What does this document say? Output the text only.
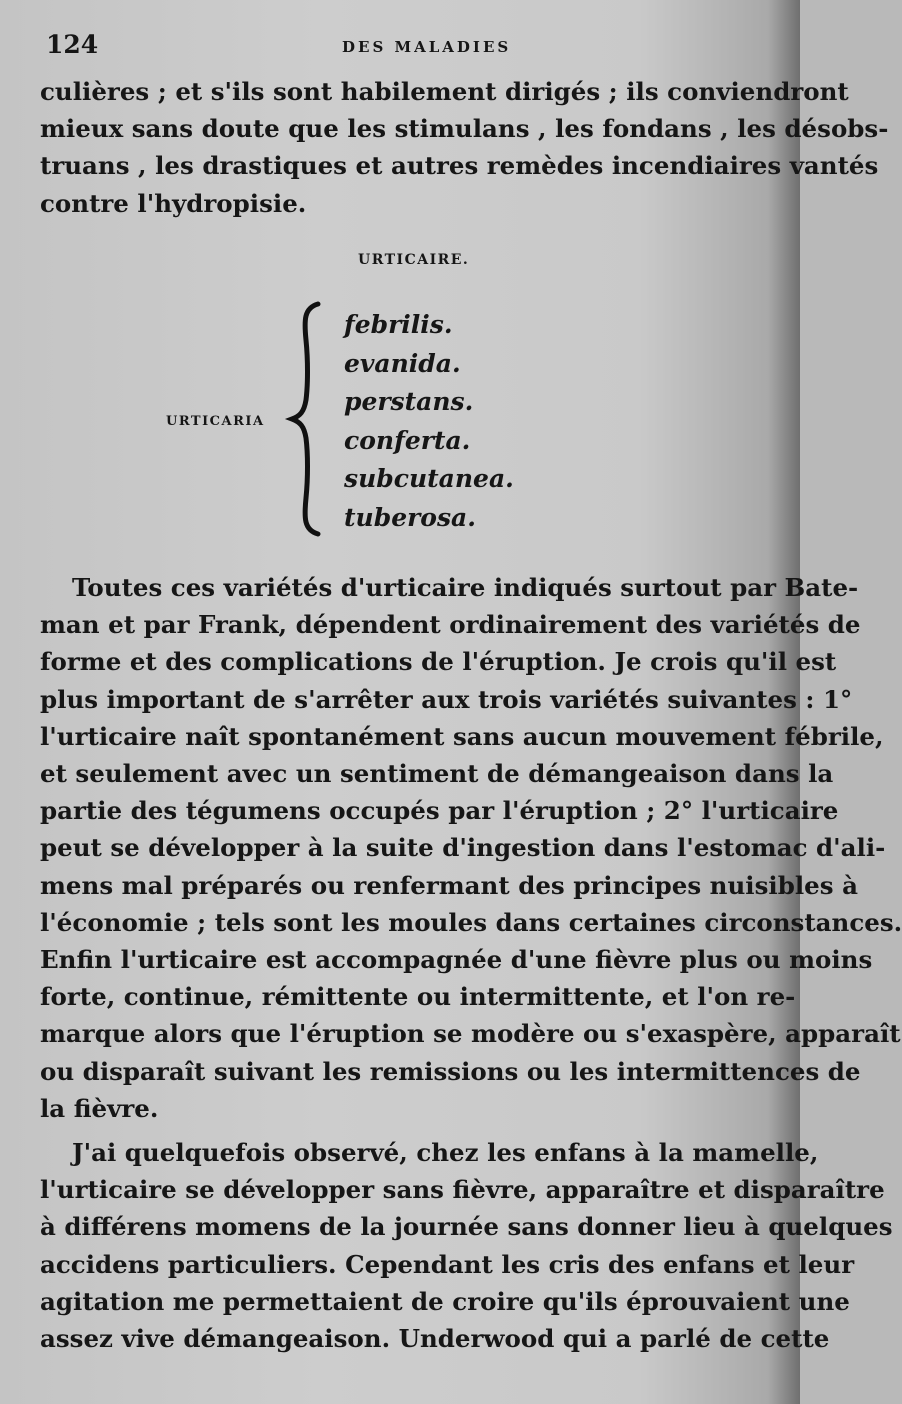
124	DES MALADIES
culières ; et s'ils sont habilement dirigés ; ils conviendront
mieux sans doute que les stimulans , les fondans , les désobs-
truans , les drastiques et autres remèdes incendiaires vantés
contre l'hydropisie.
URTICAIRE.
URTICARIA
febrilis.
evanida.
perstans.
conferta.
subcutanea.
tuberosa.
Toutes ces variétés d'urticaire indiqués surtout par Bate-
man et par Frank, dépendent ordinairement des variétés de
forme et des complications de l'éruption. Je crois qu'il est
plus important de s'arrêter aux trois variétés suivantes : 1°
l'urticaire naît spontanément sans aucun mouvement fébrile,
et seulement avec un sentiment de démangeaison dans la
partie des tégumens occupés par l'éruption ; 2° l'urticaire
peut se développer à la suite d'ingestion dans l'estomac d'ali-
mens mal préparés ou renfermant des principes nuisibles à
l'économie ; tels sont les moules dans certaines circonstances.
Enfin l'urticaire est accompagnée d'une fièvre plus ou moins
forte, continue, rémittente ou intermittente, et l'on re-
marque alors que l'éruption se modère ou s'exaspère, apparaît
ou disparaît suivant les remissions ou les intermittences de
la fièvre.
J'ai quelquefois observé, chez les enfans à la mamelle,
l'urticaire se développer sans fièvre, apparaître et disparaître
à différens momens de la journée sans donner lieu à quelques
accidens particuliers. Cependant les cris des enfans et leur
agitation me permettaient de croire qu'ils éprouvaient une
assez vive démangeaison. Underwood qui a parlé de cette
